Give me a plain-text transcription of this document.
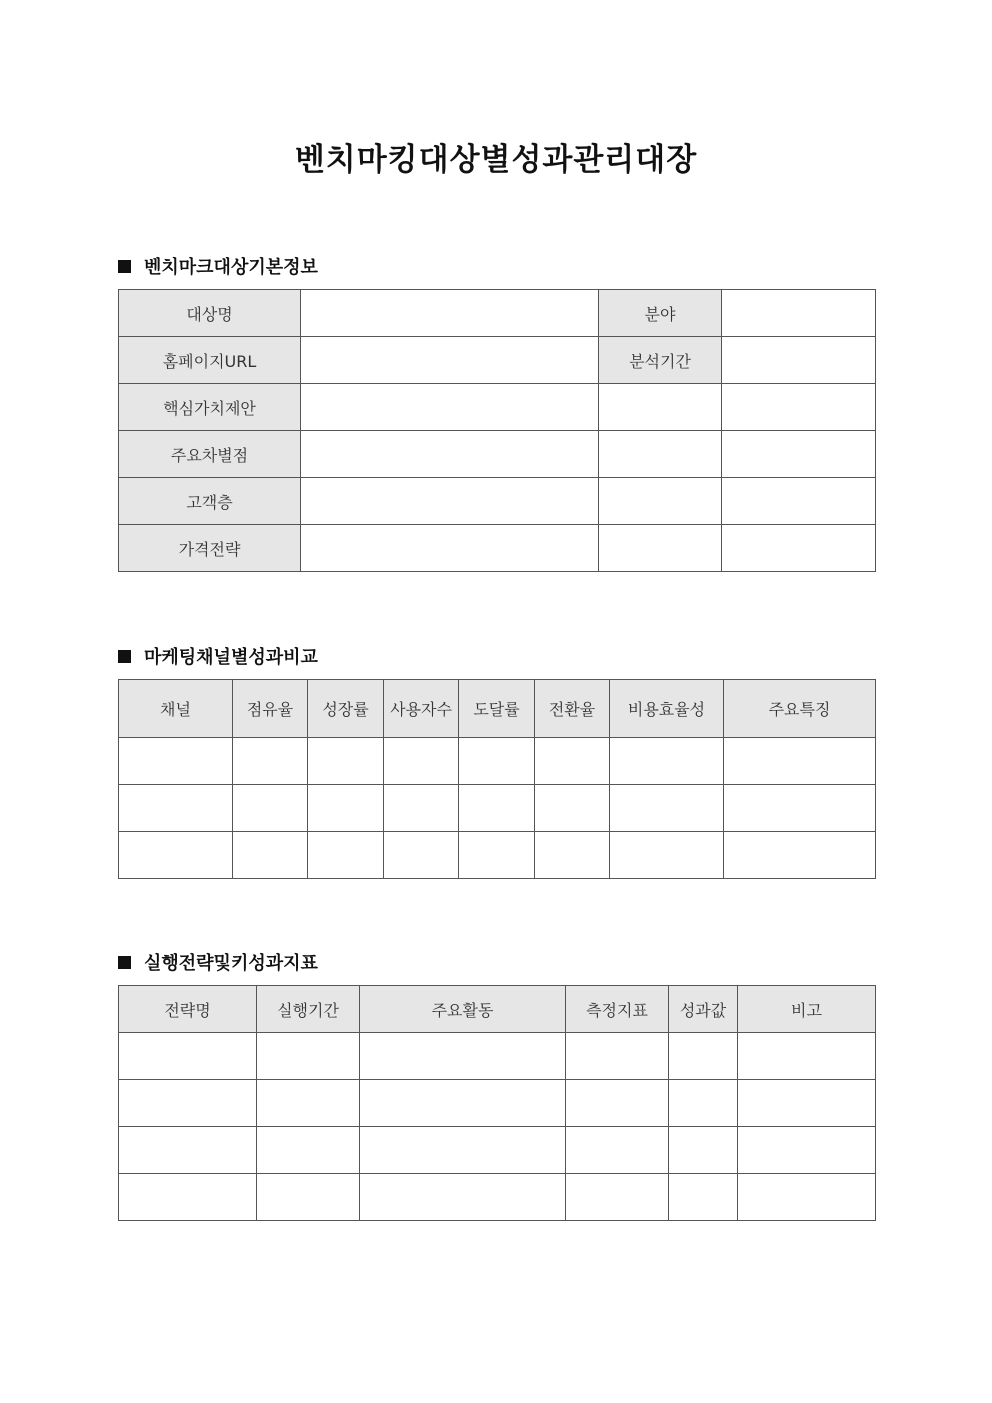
벤치마킹대상별성과관리대장
벤치마크대상기본정보
대상명		분야	
홈페이지URL		분석기간	
핵심가치제안			
주요차별점			
고객층			
가격전략			
마케팅채널별성과비교
채널	점유율	성장률	사용자수	도달률	전환율	비용효율성	주요특징

실행전략및키성과지표
전략명	실행기간	주요활동	측정지표	성과값	비고
